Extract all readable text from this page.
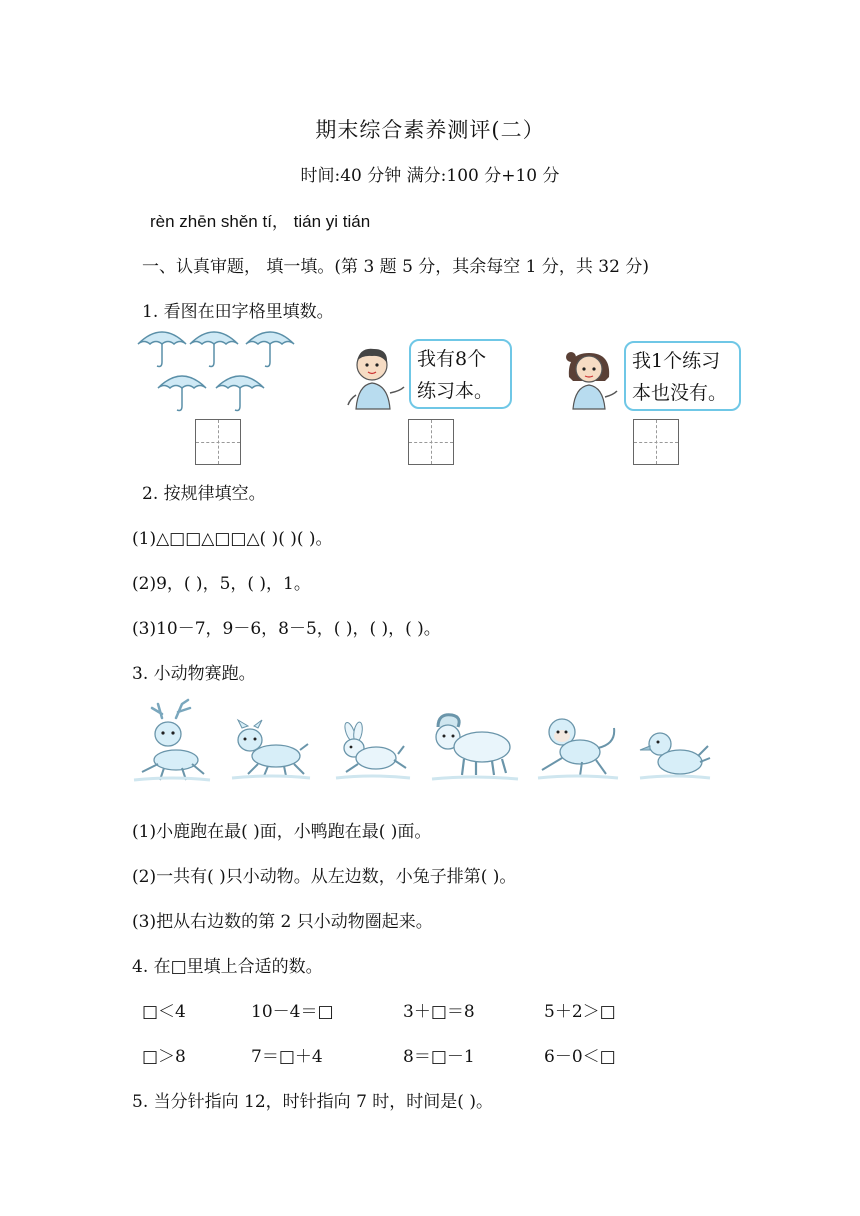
期末综合素养测评(二）
时间:40 分钟 满分:100 分+10 分
rèn zhēn shěn tí， tián yi tián
一、认真审题， 填一填。(第 3 题 5 分，其余每空 1 分，共 32 分)
1. 看图在田字格里填数。
我有8个
练习本。
我1个练习
本也没有。
2. 按规律填空。
(1)△□□△□□△( )( )( )。
(2)9，( )，5，( )，1。
(3)10－7，9－6，8－5，( )，( )，( )。
3. 小动物赛跑。
(1)小鹿跑在最( )面，小鸭跑在最( )面。
(2)一共有( )只小动物。从左边数，小兔子排第( )。
(3)把从右边数的第 2 只小动物圈起来。
4. 在□里填上合适的数。
□＜4	10－4＝□	3＋□＝8	5＋2＞□
□＞8	7＝□＋4	8＝□－1	6－0＜□
5. 当分针指向 12，时针指向 7 时，时间是( )。
